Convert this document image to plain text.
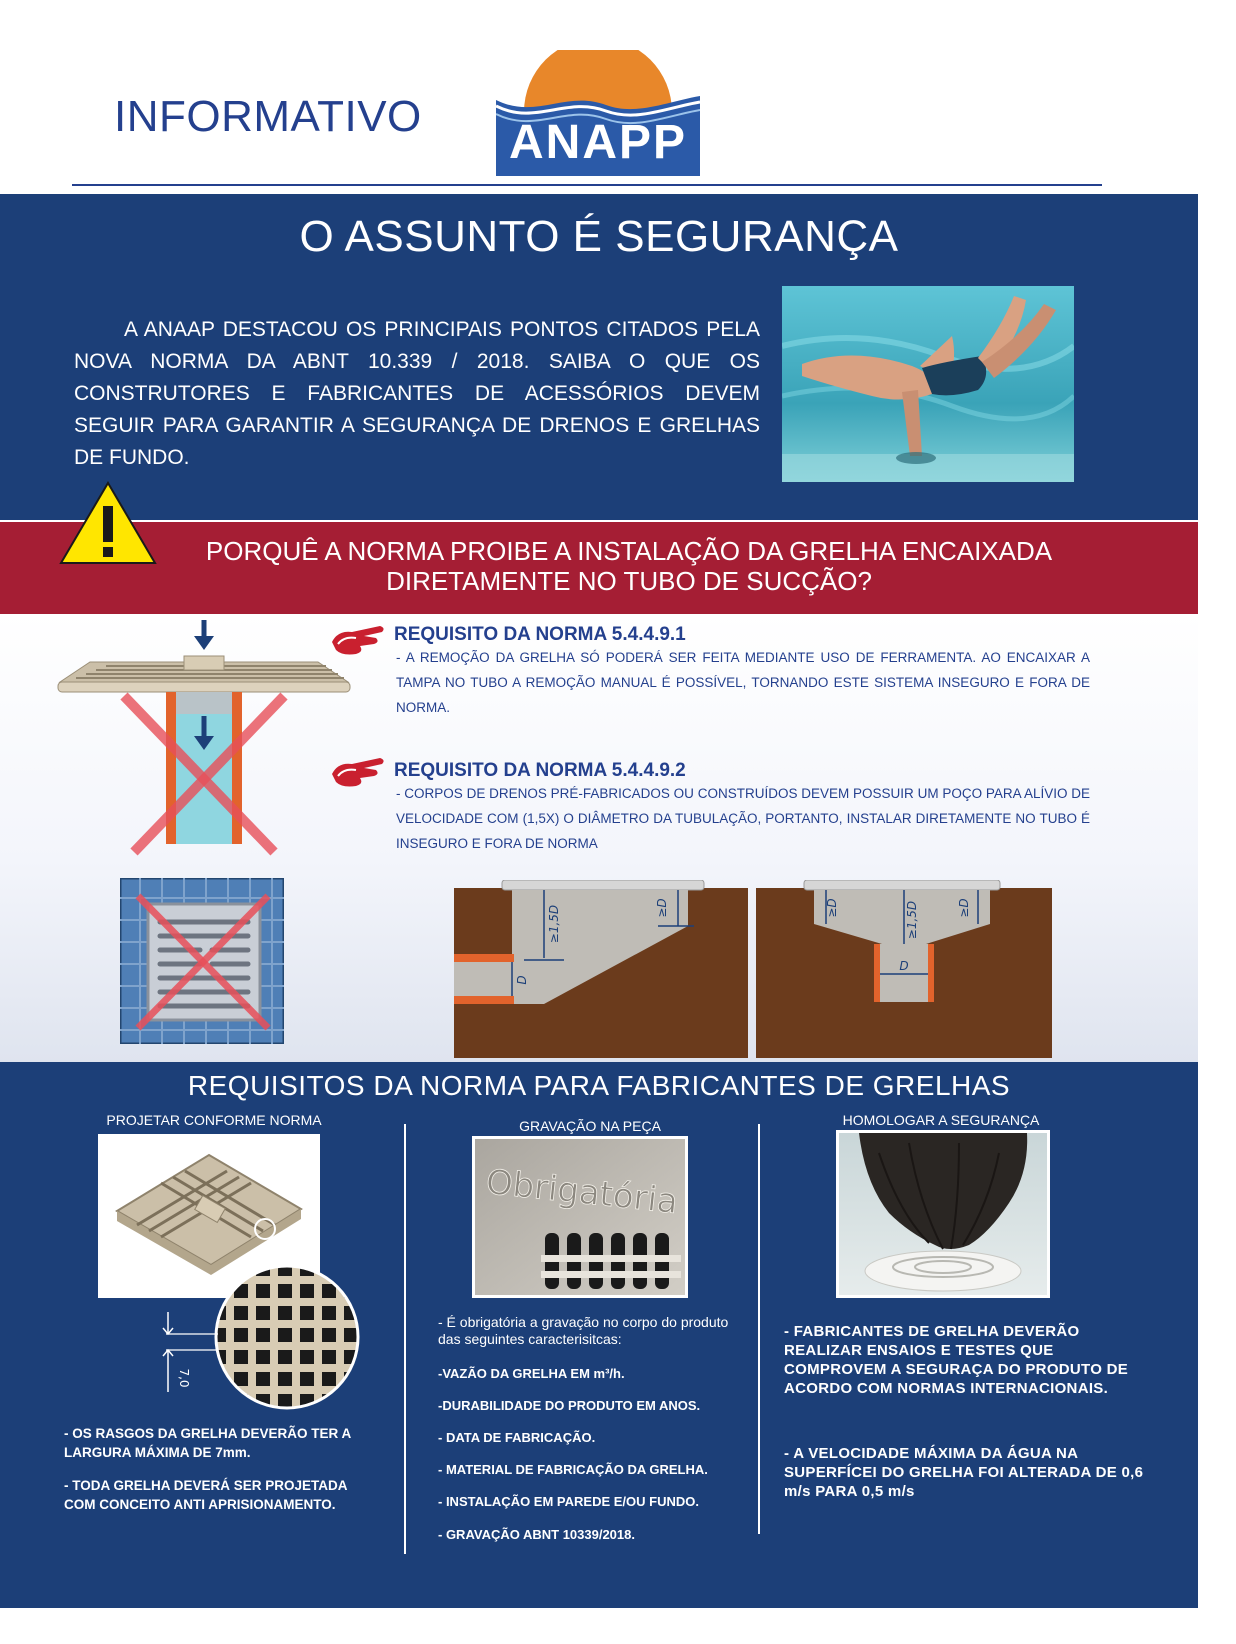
INFORMATIVO ANAPP
O ASSUNTO É SEGURANÇA
A ANAAP DESTACOU OS PRINCIPAIS PONTOS CITADOS PELA NOVA NORMA DA ABNT 10.339 / 2018. SAIBA O QUE OS CONSTRUTORES E FABRICANTES DE ACESSÓRIOS DEVEM SEGUIR PARA GARANTIR A SEGURANÇA DE DRENOS E GRELHAS DE FUNDO.
PORQUÊ A NORMA PROIBE A INSTALAÇÃO DA GRELHA ENCAIXADA
DIRETAMENTE NO TUBO DE SUCÇÃO?
REQUISITO DA NORMA 5.4.4.9.1
- A REMOÇÃO DA GRELHA SÓ PODERÁ SER FEITA MEDIANTE USO DE FERRAMENTA. AO ENCAIXAR A TAMPA NO TUBO A REMOÇÃO MANUAL É POSSÍVEL, TORNANDO ESTE SISTEMA INSEGURO E FORA DE NORMA.
REQUISITO DA NORMA 5.4.4.9.2
- CORPOS DE DRENOS PRÉ-FABRICADOS OU CONSTRUÍDOS DEVEM POSSUIR UM POÇO PARA ALÍVIO DE VELOCIDADE COM (1,5X) O DIÂMETRO DA TUBULAÇÃO, PORTANTO, INSTALAR DIRETAMENTE NO TUBO É INSEGURO E FORA DE NORMA
≥1,5D	≥D
D
≥D	≥1,5D	≥D
D
REQUISITOS DA NORMA PARA FABRICANTES DE GRELHAS
PROJETAR CONFORME NORMA	GRAVAÇÃO NA PEÇA	HOMOLOGAR A SEGURANÇA
7,0
- OS RASGOS DA GRELHA DEVERÃO TER A LARGURA MÁXIMA DE 7mm.
- TODA GRELHA DEVERÁ SER PROJETADA COM CONCEITO ANTI APRISIONAMENTO.
Obrigatória
- É obrigatória a gravação no corpo do produto das seguintes caracterisitcas:
-VAZÃO DA GRELHA EM m³/h.
-DURABILIDADE DO PRODUTO EM ANOS.
- DATA DE FABRICAÇÃO.
- MATERIAL DE FABRICAÇÃO DA GRELHA.
- INSTALAÇÃO EM PAREDE E/OU FUNDO.
- GRAVAÇÃO ABNT 10339/2018.
- FABRICANTES DE GRELHA DEVERÃO REALIZAR ENSAIOS E TESTES QUE COMPROVEM A SEGURAÇA DO PRODUTO DE ACORDO COM NORMAS INTERNACIONAIS.
- A VELOCIDADE MÁXIMA DA ÁGUA NA SUPERFÍCEI DO GRELHA FOI ALTERADA DE 0,6 m/s PARA 0,5 m/s
